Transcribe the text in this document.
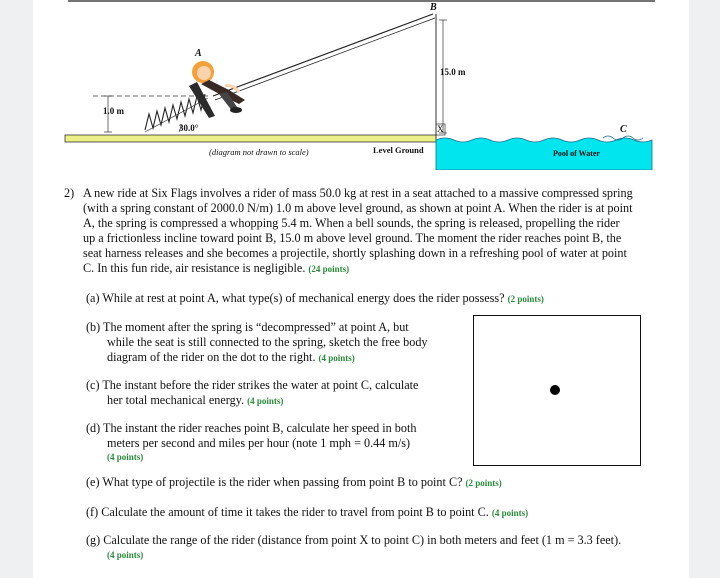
B
A
C
X
15.0 m
1.0 m
30.0°
(diagram not drawn to scale)	Level Ground	Pool of Water
2) A new ride at Six Flags involves a rider of mass 50.0 kg at rest in a seat attached to a massive compressed spring
(with a spring constant of 2000.0 N/m) 1.0 m above level ground, as shown at point A. When the rider is at point
A, the spring is compressed a whopping 5.4 m. When a bell sounds, the spring is released, propelling the rider
up a frictionless incline toward point B, 15.0 m above level ground. The moment the rider reaches point B, the
seat harness releases and she becomes a projectile, shortly splashing down in a refreshing pool of water at point
C. In this fun ride, air resistance is negligible. (24 points)
(a) While at rest at point A, what type(s) of mechanical energy does the rider possess? (2 points)
(b) The moment after the spring is “decompressed” at point A, but
while the seat is still connected to the spring, sketch the free body
diagram of the rider on the dot to the right. (4 points)
(c) The instant before the rider strikes the water at point C, calculate
her total mechanical energy. (4 points)
(d) The instant the rider reaches point B, calculate her speed in both
meters per second and miles per hour (note 1 mph = 0.44 m/s)
(4 points)
(e) What type of projectile is the rider when passing from point B to point C? (2 points)
(f) Calculate the amount of time it takes the rider to travel from point B to point C. (4 points)
(g) Calculate the range of the rider (distance from point X to point C) in both meters and feet (1 m = 3.3 feet).
(4 points)
